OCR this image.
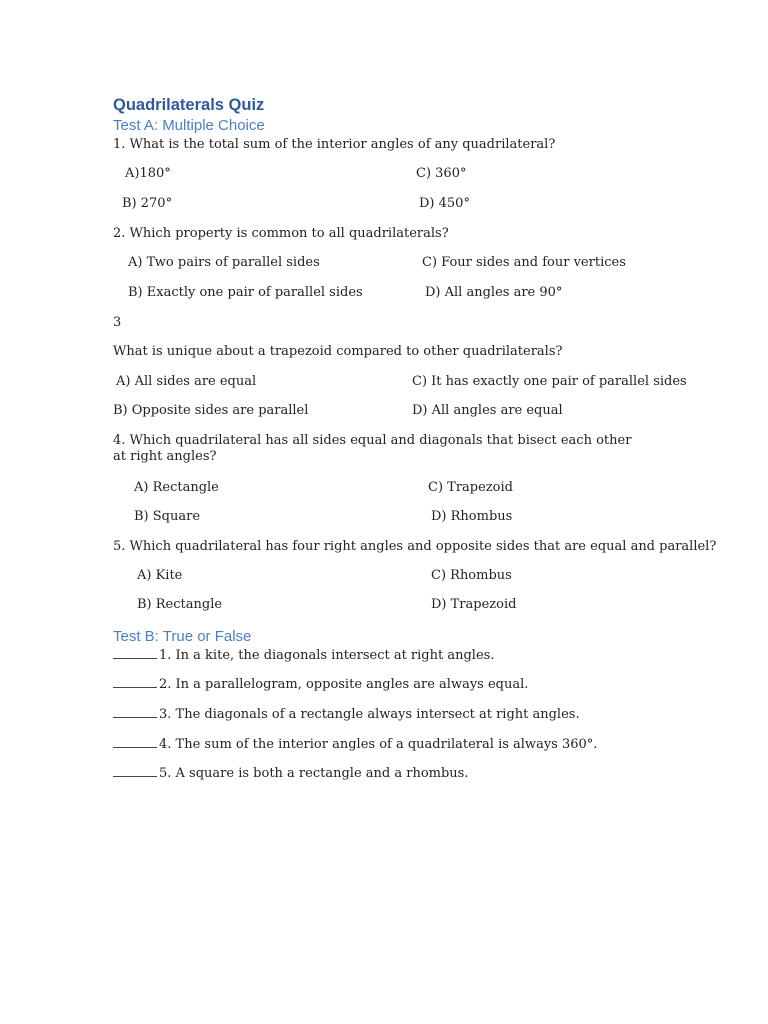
Quadrilaterals Quiz
Test A: Multiple Choice
1. What is the total sum of the interior angles of any quadrilateral?
A)180°	C) 360°
B) 270°	D) 450°
2. Which property is common to all quadrilaterals?
A) Two pairs of parallel sides	C) Four sides and four vertices
B) Exactly one pair of parallel sides	D) All angles are 90°
3
What is unique about a trapezoid compared to other quadrilaterals?
A) All sides are equal	C) It has exactly one pair of parallel sides
B) Opposite sides are parallel	D) All angles are equal
4. Which quadrilateral has all sides equal and diagonals that bisect each other at right angles?
A) Rectangle	C) Trapezoid
B) Square	D) Rhombus
5. Which quadrilateral has four right angles and opposite sides that are equal and parallel?
A) Kite	C) Rhombus
B) Rectangle	D) Trapezoid
Test B: True or False
1. In a kite, the diagonals intersect at right angles.
2. In a parallelogram, opposite angles are always equal.
3. The diagonals of a rectangle always intersect at right angles.
4. The sum of the interior angles of a quadrilateral is always 360°.
5. A square is both a rectangle and a rhombus.
